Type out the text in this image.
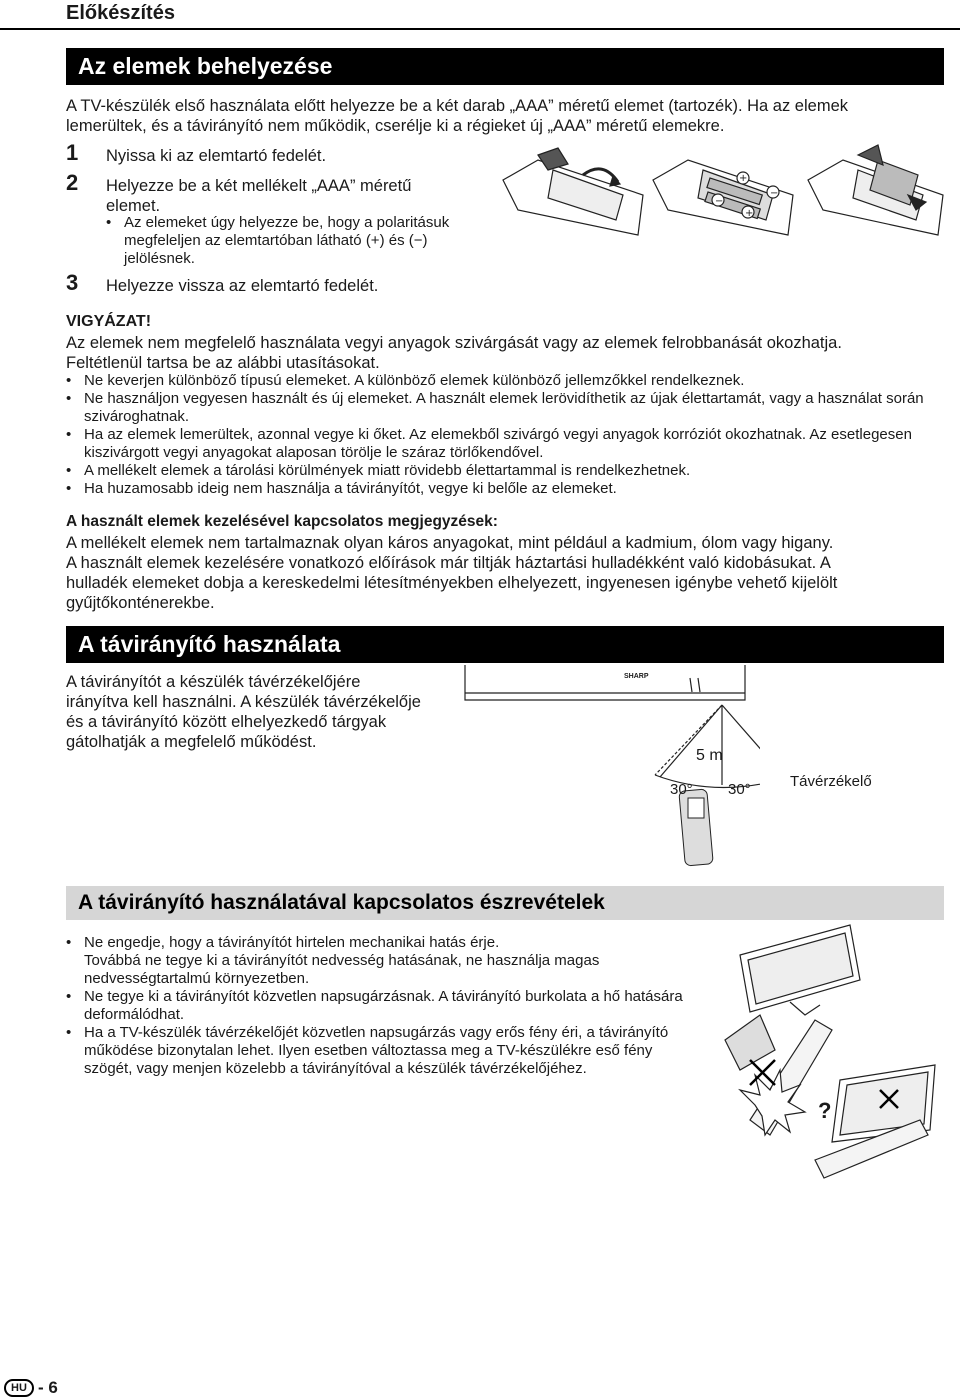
Előkészítés
Az elemek behelyezése
A TV-készülék első használata előtt helyezze be a két darab „AAA” méretű elemet (tartozék). Ha az elemek
lemerültek, és a távirányító nem működik, cserélje ki a régieket új „AAA” méretű elemekre.
1 Nyissa ki az elemtartó fedelét.
2 Helyezze be a két mellékelt „AAA” méretű
elemet.
• Az elemeket úgy helyezze be, hogy a polaritásuk
megfeleljen az elemtartóban látható (+) és (−)
jelölésnek.
3 Helyezze vissza az elemtartó fedelét.
+
−
−
+
VIGYÁZAT!
Az elemek nem megfelelő használata vegyi anyagok szivárgását vagy az elemek felrobbanását okozhatja.
Feltétlenül tartsa be az alábbi utasításokat.
• Ne keverjen különböző típusú elemeket. A különböző elemek különböző jellemzőkkel rendelkeznek.
• Ne használjon vegyesen használt és új elemeket. A használt elemek lerövidíthetik az újak élettartamát, vagy a használat során
szivároghatnak.
• Ha az elemek lemerültek, azonnal vegye ki őket. Az elemekből szivárgó vegyi anyagok korróziót okozhatnak. Az esetlegesen
kiszivárgott vegyi anyagokat alaposan törölje le száraz törlőkendővel.
• A mellékelt elemek a tárolási körülmények miatt rövidebb élettartammal is rendelkezhetnek.
• Ha huzamosabb ideig nem használja a távirányítót, vegye ki belőle az elemeket.
A használt elemek kezelésével kapcsolatos megjegyzések:
A mellékelt elemek nem tartalmaznak olyan káros anyagokat, mint például a kadmium, ólom vagy higany.
A használt elemek kezelésére vonatkozó előírások már tiltják háztartási hulladékként való kidobásukat. A
hulladék elemeket dobja a kereskedelmi létesítményekben elhelyezett, ingyenesen igénybe vehető kijelölt
gyűjtőkonténerekbe.
A távirányító használata
A távirányítót a készülék távérzékelőjére
irányítva kell használni. A készülék távérzékelője
és a távirányító között elhelyezkedő tárgyak
gátolhatják a megfelelő működést.
SHARP
5 m
30° 30°	Távérzékelő
A távirányító használatával kapcsolatos észrevételek
• Ne engedje, hogy a távirányítót hirtelen mechanikai hatás érje.
Továbbá ne tegye ki a távirányítót nedvesség hatásának, ne használja magas
nedvességtartalmú környezetben.
• Ne tegye ki a távirányítót közvetlen napsugárzásnak. A távirányító burkolata a hő hatására
deformálódhat.
• Ha a TV-készülék távérzékelőjét közvetlen napsugárzás vagy erős fény éri, a távirányító
működése bizonytalan lehet. Ilyen esetben változtassa meg a TV-készülékre eső fény
szögét, vagy menjen közelebb a távirányítóval a készülék távérzékelőjéhez.
?
HU - 6
